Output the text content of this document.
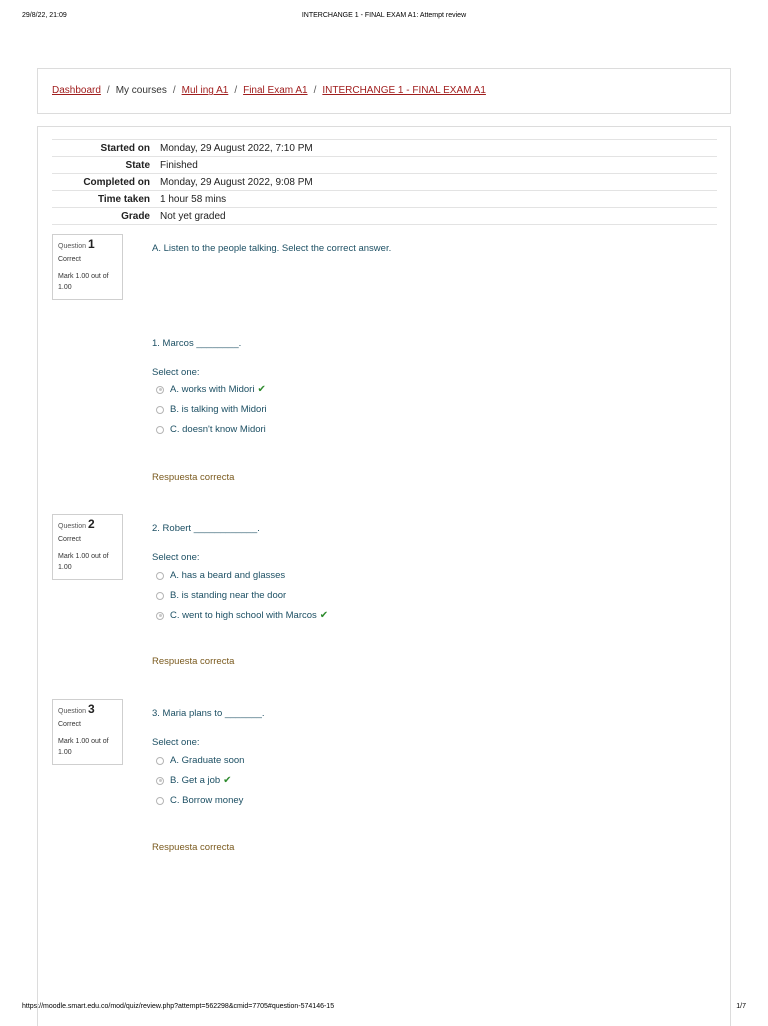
29/8/22, 21:09	INTERCHANGE 1 - FINAL EXAM A1: Attempt review
https://moodle.smart.edu.co/mod/quiz/review.php?attempt=562298&cmid=7705#question-574146-15	1/7
Dashboard / My courses / Mul ing A1 / Final Exam A1 / INTERCHANGE 1 - FINAL EXAM A1
Started on	Monday, 29 August 2022, 7:10 PM
State	Finished
Completed on	Monday, 29 August 2022, 9:08 PM
Time taken	1 hour 58 mins
Grade	Not yet graded
Question 1
Correct
Mark 1.00 out of 1.00
A. Listen to the people talking. Select the correct answer.
1. Marcos ________.
Select one:
A. works with Midori ✔
B. is talking with Midori
C. doesn't know Midori
Respuesta correcta
Question 2
Correct
Mark 1.00 out of 1.00
2. Robert ____________.
Select one:
A. has a beard and glasses
B. is standing near the door
C. went to high school with Marcos ✔
Respuesta correcta
Question 3
Correct
Mark 1.00 out of 1.00
3. Maria plans to _______.
Select one:
A. Graduate soon
B. Get a job ✔
C. Borrow money
Respuesta correcta
